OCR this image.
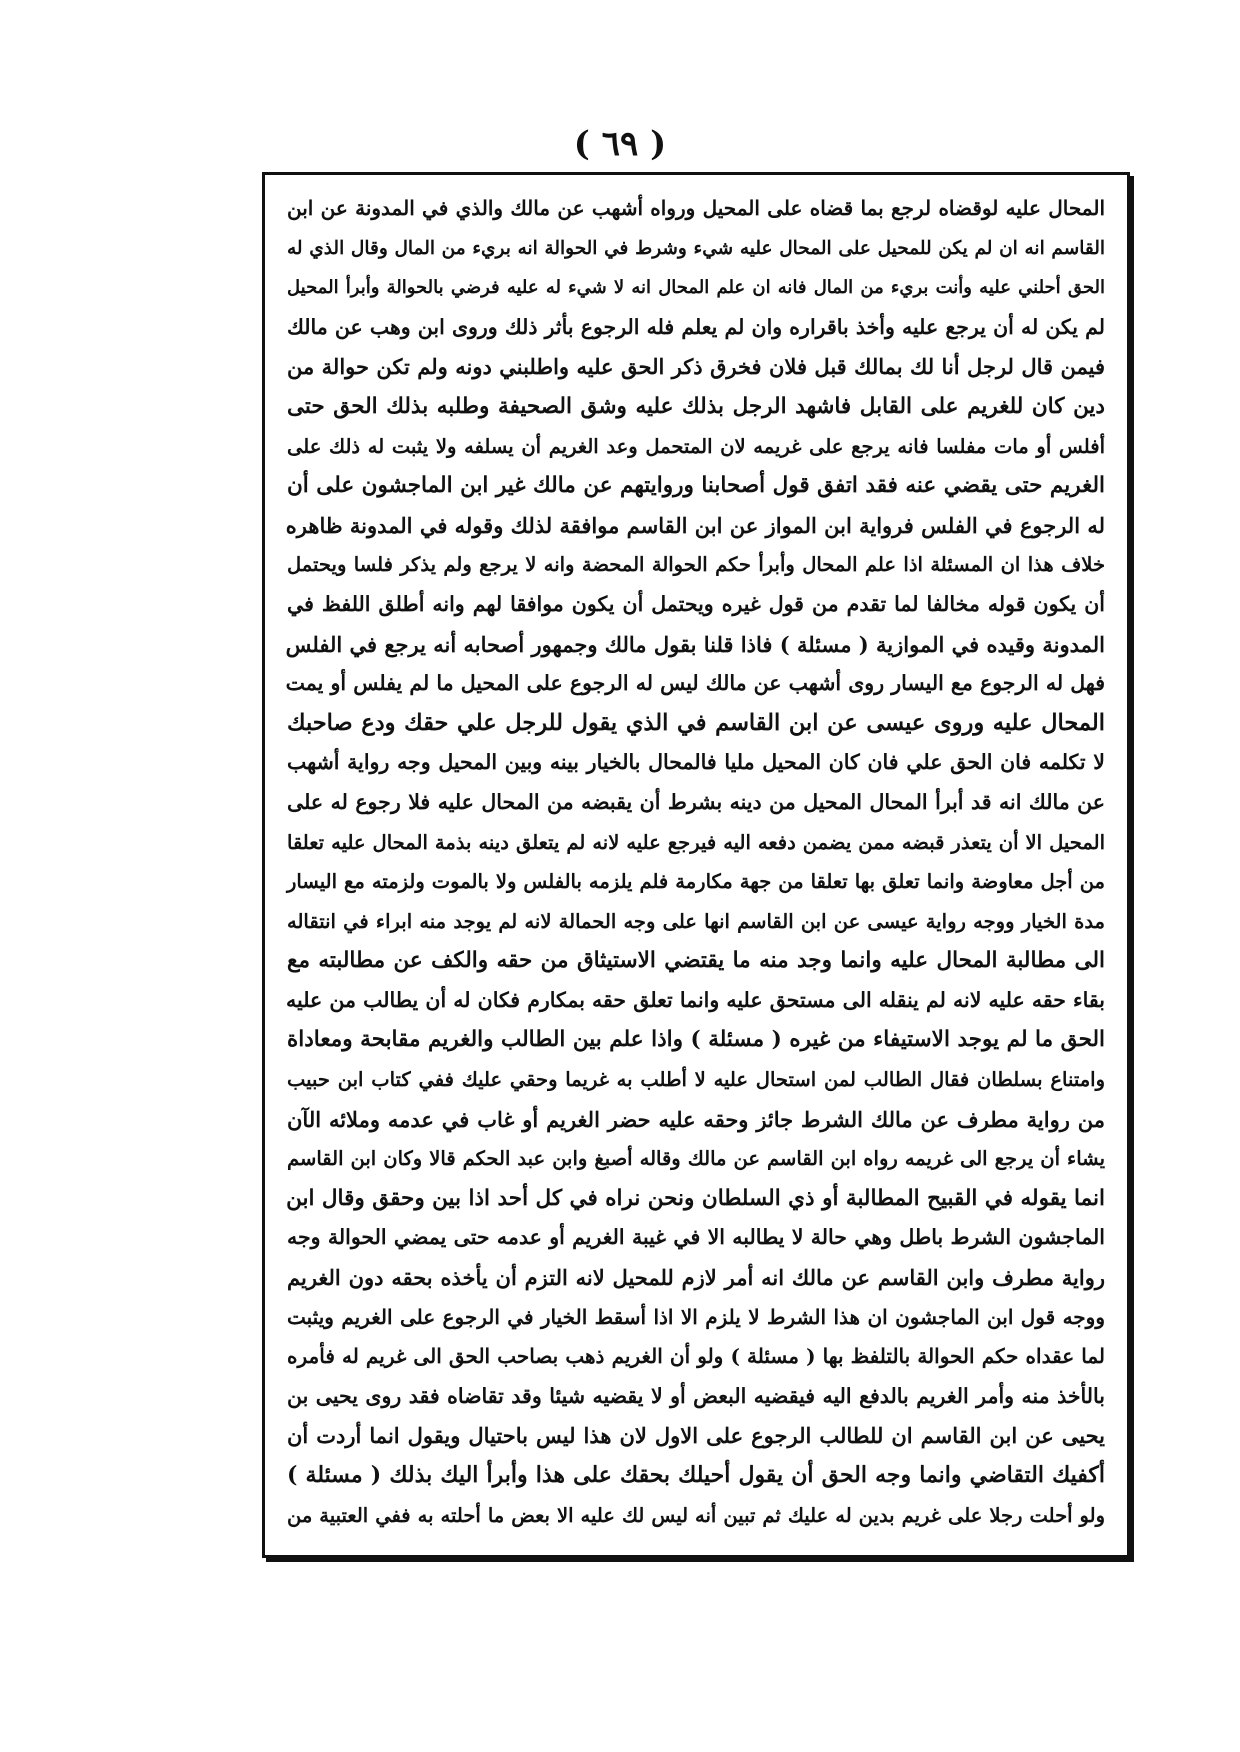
( ٦٩ )
المحال عليه لوقضاه لرجع بما قضاه على المحيل ورواه أشهب عن مالك والذي في المدونة عن ابن
القاسم انه ان لم يكن للمحيل على المحال عليه شيء وشرط في الحوالة انه بريء من المال وقال الذي له
الحق أحلني عليه وأنت بريء من المال فانه ان علم المحال انه لا شيء له عليه فرضي بالحوالة وأبرأ المحيل
لم يكن له أن يرجع عليه وأخذ باقراره وان لم يعلم فله الرجوع بأثر ذلك وروى ابن وهب عن مالك
فيمن قال لرجل أنا لك بمالك قبل فلان فخرق ذكر الحق عليه واطلبني دونه ولم تكن حوالة من
دين كان للغريم على القابل فاشهد الرجل بذلك عليه وشق الصحيفة وطلبه بذلك الحق حتى
أفلس أو مات مفلسا فانه يرجع على غريمه لان المتحمل وعد الغريم أن يسلفه ولا يثبت له ذلك على
الغريم حتى يقضي عنه فقد اتفق قول أصحابنا وروايتهم عن مالك غير ابن الماجشون على أن
له الرجوع في الفلس فرواية ابن المواز عن ابن القاسم موافقة لذلك وقوله في المدونة ظاهره
خلاف هذا ان المسئلة اذا علم المحال وأبرأ حكم الحوالة المحضة وانه لا يرجع ولم يذكر فلسا ويحتمل
أن يكون قوله مخالفا لما تقدم من قول غيره ويحتمل أن يكون موافقا لهم وانه أطلق اللفظ في
المدونة وقيده في الموازية ( مسئلة ) فاذا قلنا بقول مالك وجمهور أصحابه أنه يرجع في الفلس
فهل له الرجوع مع اليسار روى أشهب عن مالك ليس له الرجوع على المحيل ما لم يفلس أو يمت
المحال عليه وروى عيسى عن ابن القاسم في الذي يقول للرجل علي حقك ودع صاحبك
لا تكلمه فان الحق علي فان كان المحيل مليا فالمحال بالخيار بينه وبين المحيل وجه رواية أشهب
عن مالك انه قد أبرأ المحال المحيل من دينه بشرط أن يقبضه من المحال عليه فلا رجوع له على
المحيل الا أن يتعذر قبضه ممن يضمن دفعه اليه فيرجع عليه لانه لم يتعلق دينه بذمة المحال عليه تعلقا
من أجل معاوضة وانما تعلق بها تعلقا من جهة مكارمة فلم يلزمه بالفلس ولا بالموت ولزمته مع اليسار
مدة الخيار ووجه رواية عيسى عن ابن القاسم انها على وجه الحمالة لانه لم يوجد منه ابراء في انتقاله
الى مطالبة المحال عليه وانما وجد منه ما يقتضي الاستيثاق من حقه والكف عن مطالبته مع
بقاء حقه عليه لانه لم ينقله الى مستحق عليه وانما تعلق حقه بمكارم فكان له أن يطالب من عليه
الحق ما لم يوجد الاستيفاء من غيره ( مسئلة ) واذا علم بين الطالب والغريم مقابحة ومعاداة
وامتناع بسلطان فقال الطالب لمن استحال عليه لا أطلب به غريما وحقي عليك ففي كتاب ابن حبيب
من رواية مطرف عن مالك الشرط جائز وحقه عليه حضر الغريم أو غاب في عدمه وملائه الآن
يشاء أن يرجع الى غريمه رواه ابن القاسم عن مالك وقاله أصبغ وابن عبد الحكم قالا وكان ابن القاسم
انما يقوله في القبيح المطالبة أو ذي السلطان ونحن نراه في كل أحد اذا بين وحقق وقال ابن
الماجشون الشرط باطل وهي حالة لا يطالبه الا في غيبة الغريم أو عدمه حتى يمضي الحوالة وجه
رواية مطرف وابن القاسم عن مالك انه أمر لازم للمحيل لانه التزم أن يأخذه بحقه دون الغريم
ووجه قول ابن الماجشون ان هذا الشرط لا يلزم الا اذا أسقط الخيار في الرجوع على الغريم ويثبت
لما عقداه حكم الحوالة بالتلفظ بها ( مسئلة ) ولو أن الغريم ذهب بصاحب الحق الى غريم له فأمره
بالأخذ منه وأمر الغريم بالدفع اليه فيقضيه البعض أو لا يقضيه شيئا وقد تقاضاه فقد روى يحيى بن
يحيى عن ابن القاسم ان للطالب الرجوع على الاول لان هذا ليس باحتيال ويقول انما أردت أن
أكفيك التقاضي وانما وجه الحق أن يقول أحيلك بحقك على هذا وأبرأ اليك بذلك ( مسئلة )
ولو أحلت رجلا على غريم بدين له عليك ثم تبين أنه ليس لك عليه الا بعض ما أحلته به ففي العتبية من
